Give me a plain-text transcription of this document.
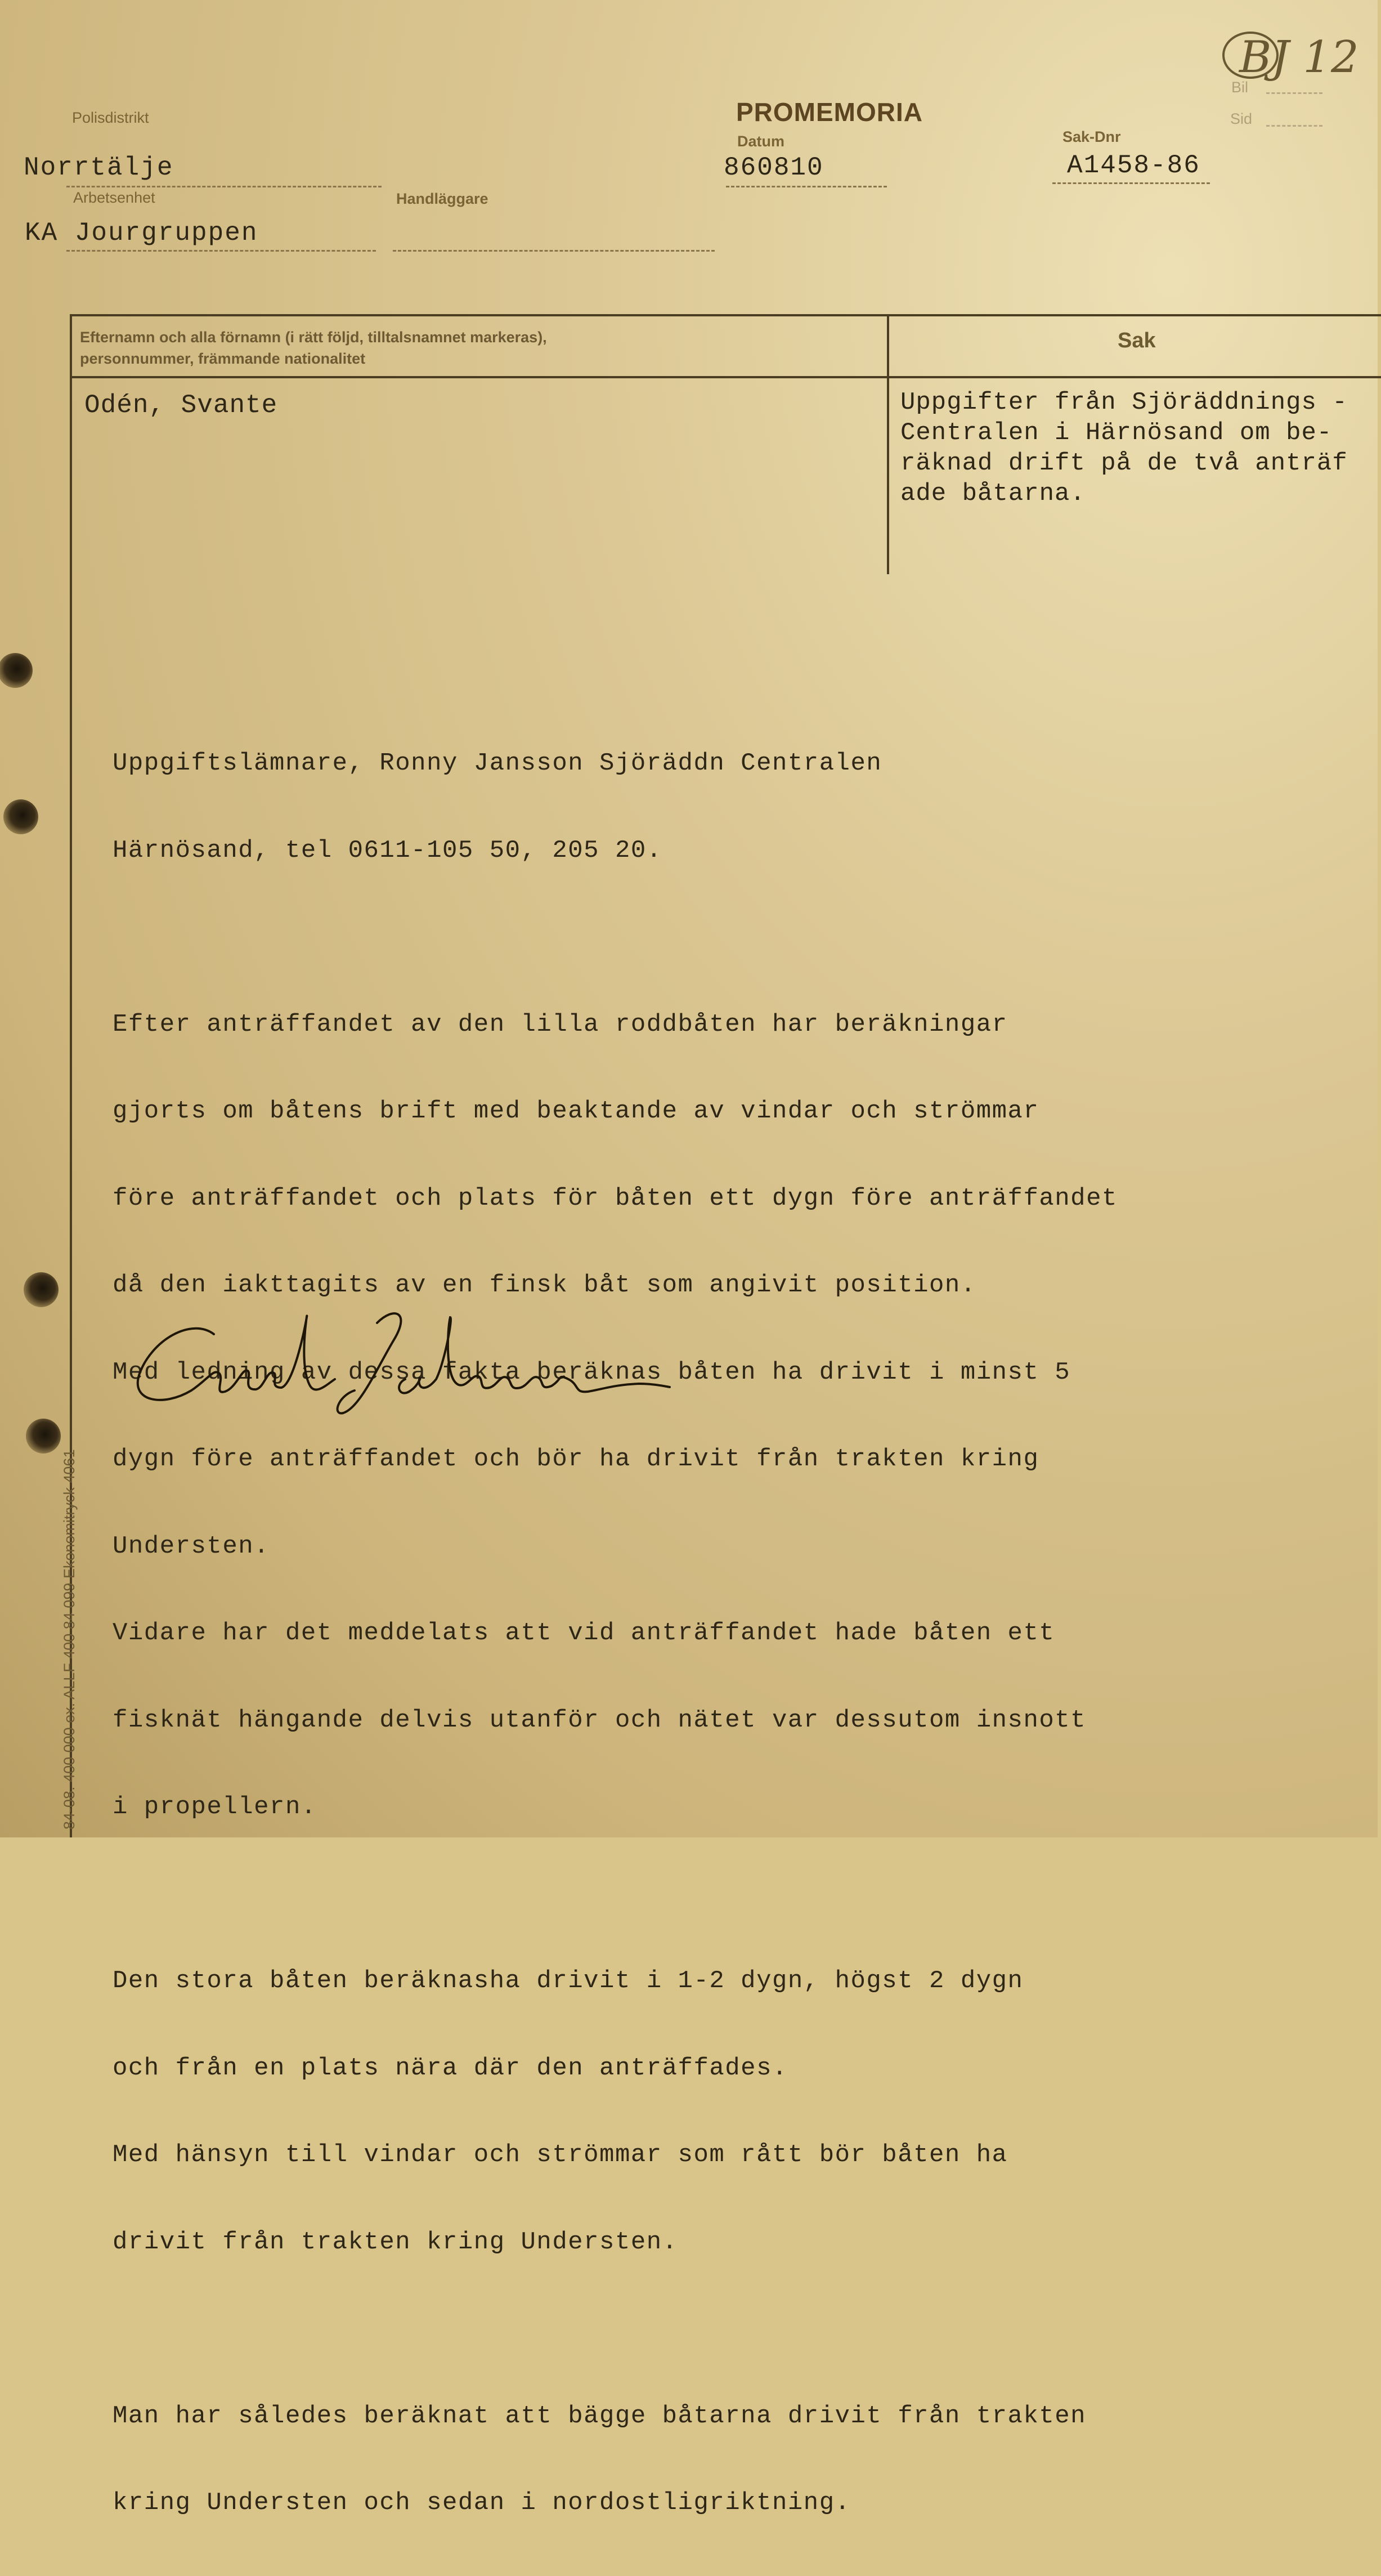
Polisdistrikt
Norrtälje
Arbetsenhet
KA Jourgruppen
Handläggare
PROMEMORIA
Datum
860810
Sak-Dnr
A1458-86
Bil
Sid
BJ 12
Efternamn och alla förnamn (i rätt följd, tilltalsnamnet markeras),
personnummer, främmande nationalitet
Sak
Odén, Svante	Uppgifter från Sjöräddnings -
Centralen i Härnösand om be-
räknad drift på de två anträf
ade båtarna.

Uppgiftslämnare, Ronny Jansson Sjöräddn Centralen

Härnösand, tel 0611-105 50, 205 20.

Efter anträffandet av den lilla roddbåten har beräkningar

gjorts om båtens brift med beaktande av vindar och strömmar

före anträffandet och plats för båten ett dygn före anträffandet

då den iakttagits av en finsk båt som angivit position.

Med ledning av dessa fakta beräknas båten ha drivit i minst 5

dygn före anträffandet och bör ha drivit från trakten kring

Understen.

Vidare har det meddelats att vid anträffandet hade båten ett

fisknät hängande delvis utanför och nätet var dessutom insnott

i propellern.

Den stora båten beräknasha drivit i 1-2 dygn, högst 2 dygn

och från en plats nära där den anträffades.

Med hänsyn till vindar och strömmar som rått bör båten ha

drivit från trakten kring Understen.

Man har således beräknat att bägge båtarna drivit från trakten

kring Understen och sedan i nordostligriktning.

84-08. 400 000 ex. ALLF 400 84 099 Ekonomitryck 4061
